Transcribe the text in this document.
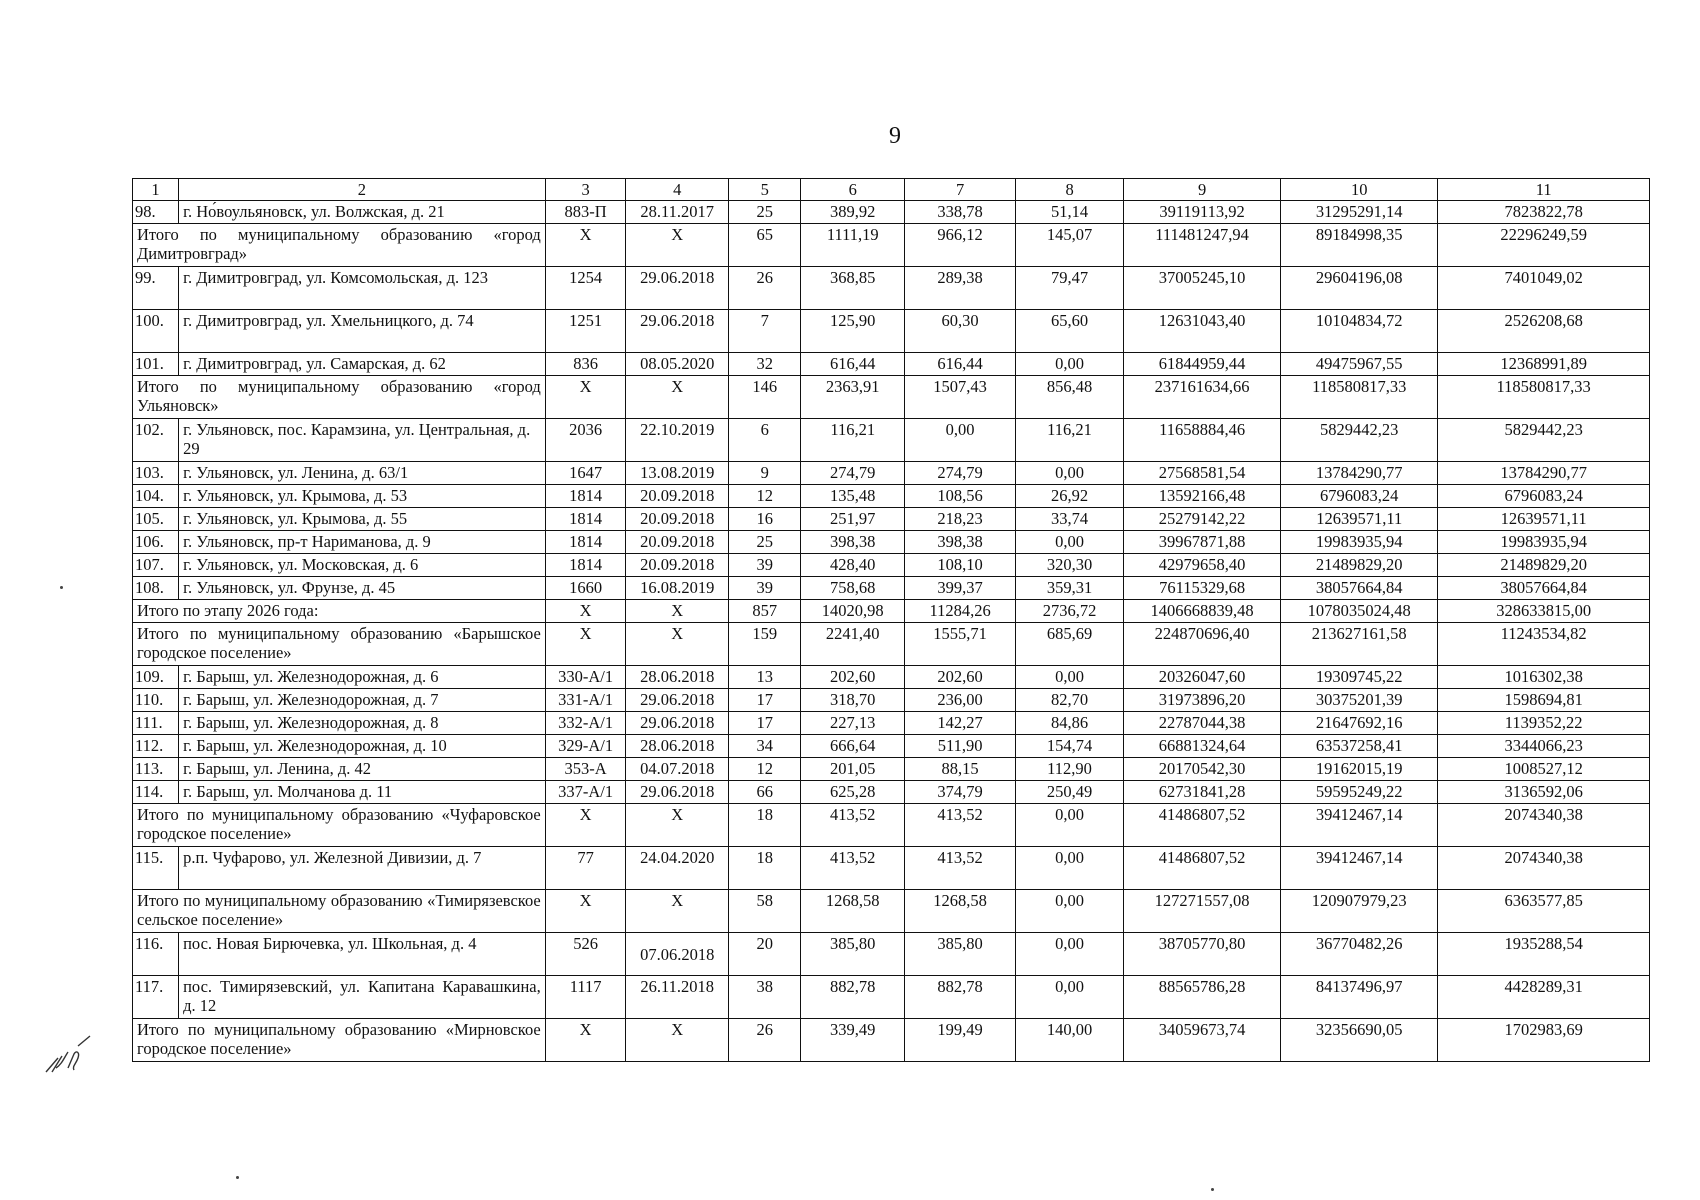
9
1	2	3	4	5	6	7	8	9	10	11
98.	г. Но́воульяновск, ул. Волжская, д. 21	883-П	28.11.2017	25	389,92	338,78	51,14	39119113,92	31295291,14	7823822,78
Итого по муниципальному образованию «город Димитровград»		X	X	65	1111,19	966,12	145,07	111481247,94	89184998,35	22296249,59
99.	г. Димитровград, ул. Комсомольская, д. 123	1254	29.06.2018	26	368,85	289,38	79,47	37005245,10	29604196,08	7401049,02
100.	г. Димитровград, ул. Хмельницкого, д. 74	1251	29.06.2018	7	125,90	60,30	65,60	12631043,40	10104834,72	2526208,68
101.	г. Димитровград, ул. Самарская, д. 62	836	08.05.2020	32	616,44	616,44	0,00	61844959,44	49475967,55	12368991,89
Итого по муниципальному образованию «город Ульяновск»		X	X	146	2363,91	1507,43	856,48	237161634,66	118580817,33	118580817,33
102.	г. Ульяновск, пос. Карамзина, ул. Центральная, д. 29	2036	22.10.2019	6	116,21	0,00	116,21	11658884,46	5829442,23	5829442,23
103.	г. Ульяновск, ул. Ленина, д. 63/1	1647	13.08.2019	9	274,79	274,79	0,00	27568581,54	13784290,77	13784290,77
104.	г. Ульяновск, ул. Крымова, д. 53	1814	20.09.2018	12	135,48	108,56	26,92	13592166,48	6796083,24	6796083,24
105.	г. Ульяновск, ул. Крымова, д. 55	1814	20.09.2018	16	251,97	218,23	33,74	25279142,22	12639571,11	12639571,11
106.	г. Ульяновск, пр-т Нариманова, д. 9	1814	20.09.2018	25	398,38	398,38	0,00	39967871,88	19983935,94	19983935,94
107.	г. Ульяновск, ул. Московская, д. 6	1814	20.09.2018	39	428,40	108,10	320,30	42979658,40	21489829,20	21489829,20
108.	г. Ульяновск, ул. Фрунзе, д. 45	1660	16.08.2019	39	758,68	399,37	359,31	76115329,68	38057664,84	38057664,84
Итого по этапу 2026 года:		X	X	857	14020,98	11284,26	2736,72	1406668839,48	1078035024,48	328633815,00
Итого по муниципальному образованию «Барышское городское поселение»		X	X	159	2241,40	1555,71	685,69	224870696,40	213627161,58	11243534,82
109.	г. Барыш, ул. Железнодорожная, д. 6	330-А/1	28.06.2018	13	202,60	202,60	0,00	20326047,60	19309745,22	1016302,38
110.	г. Барыш, ул. Железнодорожная, д. 7	331-А/1	29.06.2018	17	318,70	236,00	82,70	31973896,20	30375201,39	1598694,81
111.	г. Барыш, ул. Железнодорожная, д. 8	332-А/1	29.06.2018	17	227,13	142,27	84,86	22787044,38	21647692,16	1139352,22
112.	г. Барыш, ул. Железнодорожная, д. 10	329-А/1	28.06.2018	34	666,64	511,90	154,74	66881324,64	63537258,41	3344066,23
113.	г. Барыш, ул. Ленина, д. 42	353-А	04.07.2018	12	201,05	88,15	112,90	20170542,30	19162015,19	1008527,12
114.	г. Барыш, ул. Молчанова д. 11	337-А/1	29.06.2018	66	625,28	374,79	250,49	62731841,28	59595249,22	3136592,06
Итого по муниципальному образованию «Чуфаровское городское поселение»		X	X	18	413,52	413,52	0,00	41486807,52	39412467,14	2074340,38
115.	р.п. Чуфарово, ул. Железной Дивизии, д. 7	77	24.04.2020	18	413,52	413,52	0,00	41486807,52	39412467,14	2074340,38
Итого по муниципальному образованию «Тимирязевское сельское поселение»		X	X	58	1268,58	1268,58	0,00	127271557,08	120907979,23	6363577,85
116.	пос. Новая Бирючевка, ул. Школьная, д. 4	526	07.06.2018	20	385,80	385,80	0,00	38705770,80	36770482,26	1935288,54
117.	пос. Тимирязевский, ул. Капитана Каравашкина, д. 12	1117	26.11.2018	38	882,78	882,78	0,00	88565786,28	84137496,97	4428289,31
Итого по муниципальному образованию «Мирновское городское поселение»		X	X	26	339,49	199,49	140,00	34059673,74	32356690,05	1702983,69
